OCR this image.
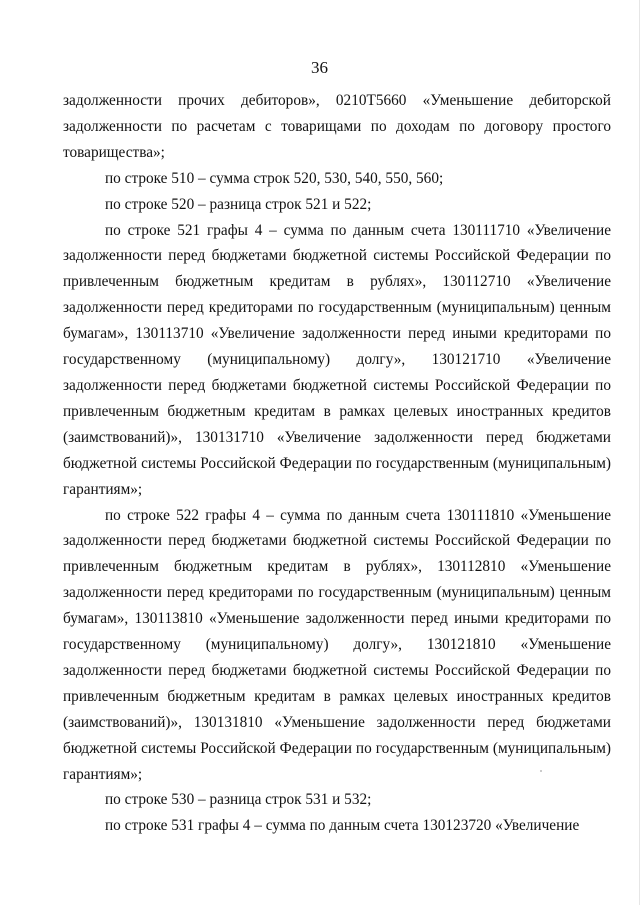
36

задолженности прочих дебиторов», 0210Т5660 «Уменьшение дебиторской задолженности по расчетам с товарищами по доходам по договору простого товарищества»;

по строке 510 – сумма строк 520, 530, 540, 550, 560;

по строке 520 – разница строк 521 и 522;

по строке 521 графы 4 – сумма по данным счета 130111710 «Увеличение задолженности перед бюджетами бюджетной системы Российской Федерации по привлеченным бюджетным кредитам в рублях», 130112710 «Увеличение задолженности перед кредиторами по государственным (муниципальным) ценным бумагам», 130113710 «Увеличение задолженности перед иными кредиторами по государственному (муниципальному) долгу», 130121710 «Увеличение задолженности перед бюджетами бюджетной системы Российской Федерации по привлеченным бюджетным кредитам в рамках целевых иностранных кредитов (заимствований)», 130131710 «Увеличение задолженности перед бюджетами бюджетной системы Российской Федерации по государственным (муниципальным) гарантиям»;

по строке 522 графы 4 – сумма по данным счета 130111810 «Уменьшение задолженности перед бюджетами бюджетной системы Российской Федерации по привлеченным бюджетным кредитам в рублях», 130112810 «Уменьшение задолженности перед кредиторами по государственным (муниципальным) ценным бумагам», 130113810 «Уменьшение задолженности перед иными кредиторами по государственному (муниципальному) долгу», 130121810 «Уменьшение задолженности перед бюджетами бюджетной системы Российской Федерации по привлеченным бюджетным кредитам в рамках целевых иностранных кредитов (заимствований)», 130131810 «Уменьшение задолженности перед бюджетами бюджетной системы Российской Федерации по государственным (муниципальным) гарантиям»;

по строке 530 – разница строк 531 и 532;

по строке 531 графы 4 – сумма по данным счета 130123720 «Увеличение
